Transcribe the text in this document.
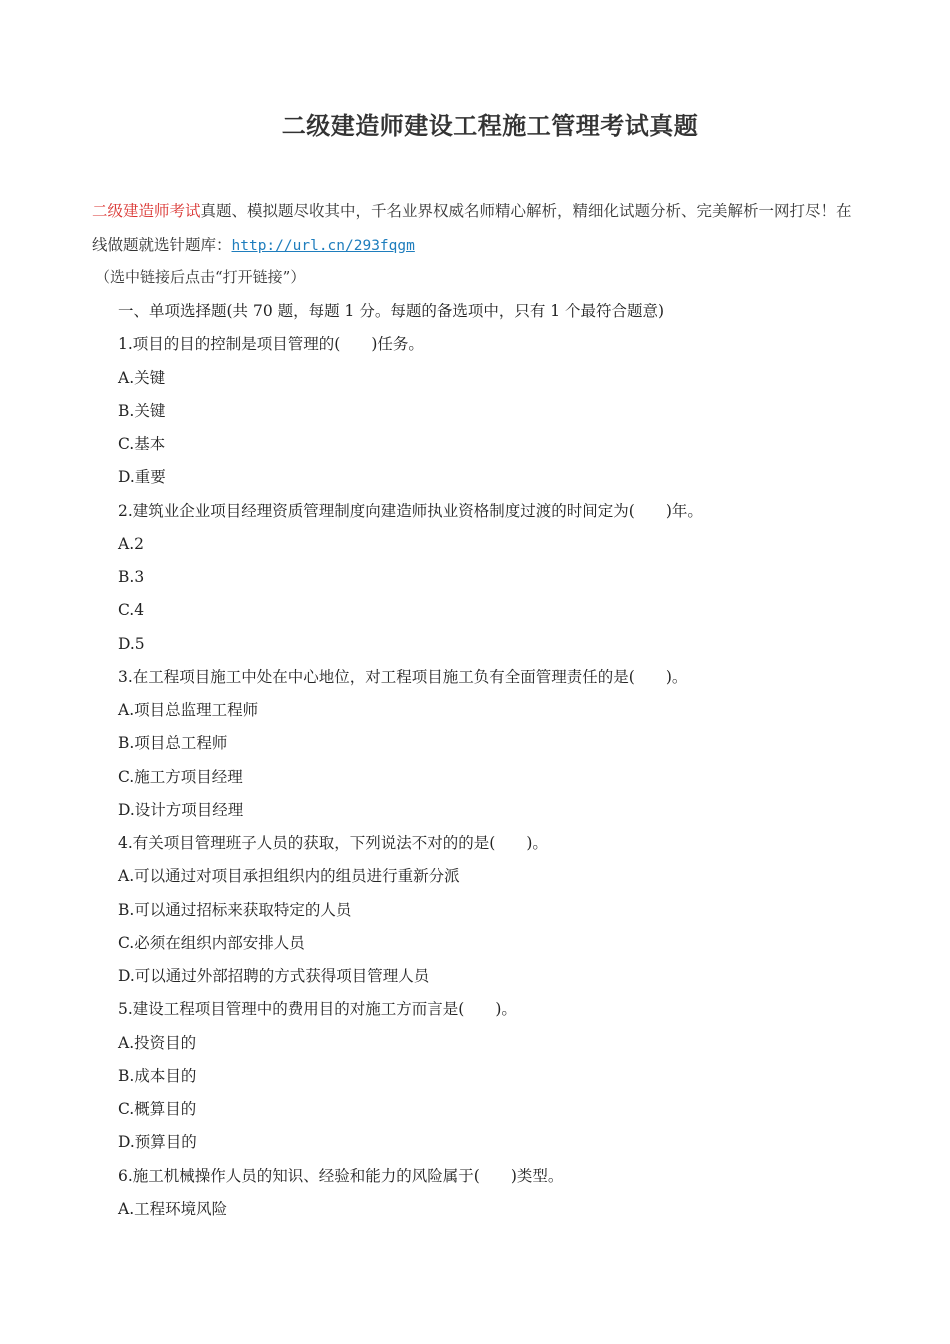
二级建造师建设工程施工管理考试真题
二级建造师考试真题、模拟题尽收其中，千名业界权威名师精心解析，精细化试题分析、完美解析一网打尽！在线做题就选针题库：http://url.cn/293fqgm
（选中链接后点击“打开链接”）
一、单项选择题(共 70 题，每题 1 分。每题的备选项中，只有 1 个最符合题意)
1.项目的目的控制是项目管理的(　　)任务。
A.关键
B.关键
C.基本
D.重要
2.建筑业企业项目经理资质管理制度向建造师执业资格制度过渡的时间定为(　　)年。
A.2
B.3
C.4
D.5
3.在工程项目施工中处在中心地位，对工程项目施工负有全面管理责任的是(　　)。
A.项目总监理工程师
B.项目总工程师
C.施工方项目经理
D.设计方项目经理
4.有关项目管理班子人员的获取，下列说法不对的的是(　　)。
A.可以通过对项目承担组织内的组员进行重新分派
B.可以通过招标来获取特定的人员
C.必须在组织内部安排人员
D.可以通过外部招聘的方式获得项目管理人员
5.建设工程项目管理中的费用目的对施工方而言是(　　)。
A.投资目的
B.成本目的
C.概算目的
D.预算目的
6.施工机械操作人员的知识、经验和能力的风险属于(　　)类型。
A.工程环境风险
